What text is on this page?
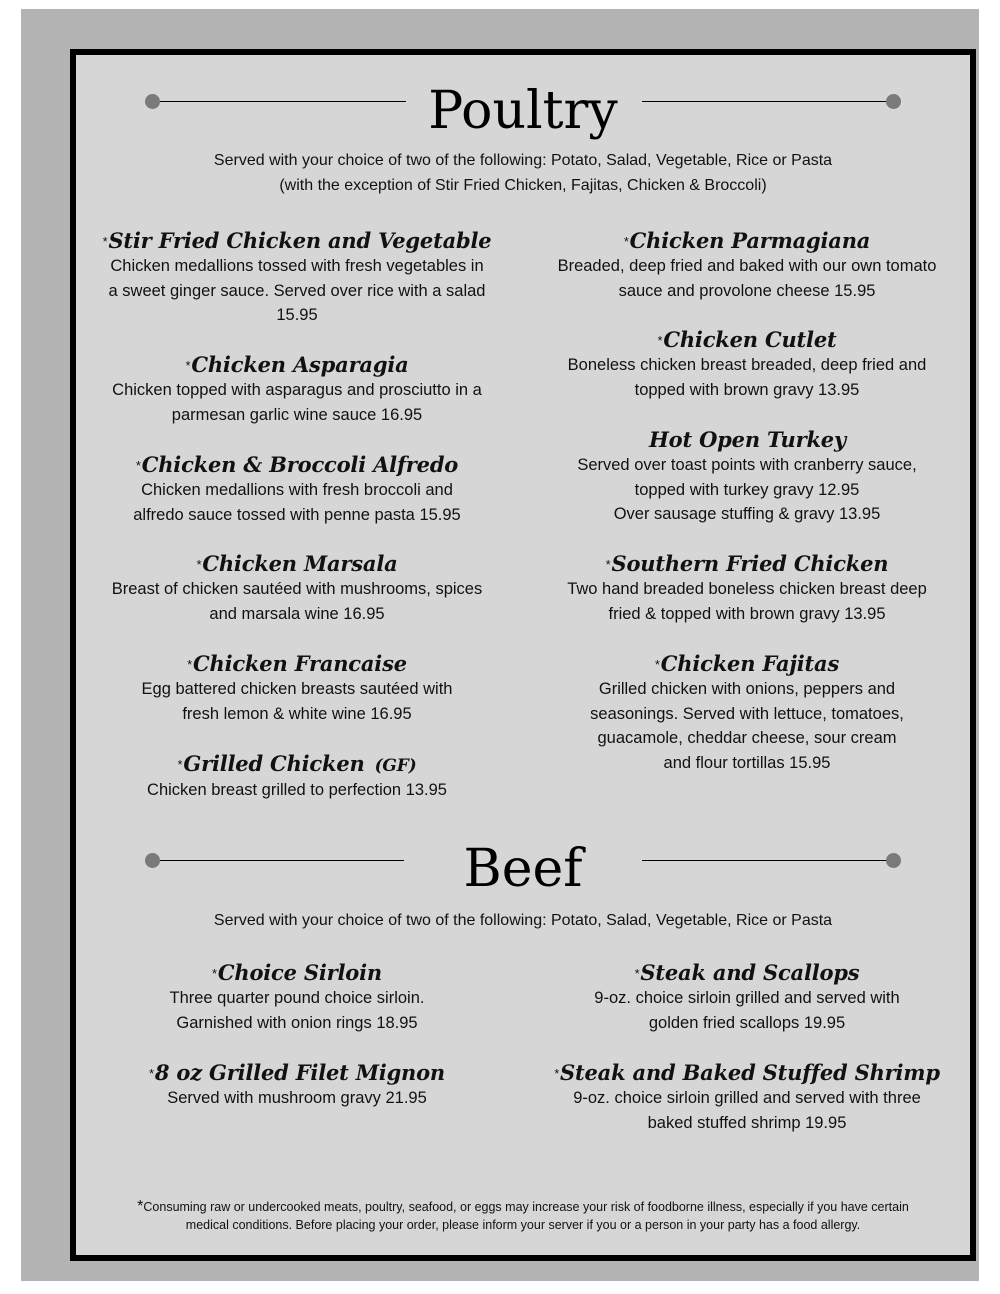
Poultry
Served with your choice of two of the following: Potato, Salad, Vegetable, Rice or Pasta
(with the exception of Stir Fried Chicken, Fajitas, Chicken & Broccoli)
*Stir Fried Chicken and Vegetable
Chicken medallions tossed with fresh vegetables in
a sweet ginger sauce. Served over rice with a salad
15.95
*Chicken Asparagia
Chicken topped with asparagus and prosciutto in a
parmesan garlic wine sauce 16.95
*Chicken & Broccoli Alfredo
Chicken medallions with fresh broccoli and
alfredo sauce tossed with penne pasta 15.95
*Chicken Marsala
Breast of chicken sautéed with mushrooms, spices
and marsala wine 16.95
*Chicken Francaise
Egg battered chicken breasts sautéed with
fresh lemon & white wine 16.95
*Grilled Chicken (GF)
Chicken breast grilled to perfection 13.95
*Chicken Parmagiana
Breaded, deep fried and baked with our own tomato
sauce and provolone cheese 15.95
*Chicken Cutlet
Boneless chicken breast breaded, deep fried and
topped with brown gravy 13.95
Hot Open Turkey
Served over toast points with cranberry sauce,
topped with turkey gravy 12.95
Over sausage stuffing & gravy 13.95
*Southern Fried Chicken
Two hand breaded boneless chicken breast deep
fried & topped with brown gravy 13.95
*Chicken Fajitas
Grilled chicken with onions, peppers and
seasonings. Served with lettuce, tomatoes,
guacamole, cheddar cheese, sour cream
and flour tortillas 15.95
Beef
Served with your choice of two of the following: Potato, Salad, Vegetable, Rice or Pasta
*Choice Sirloin
Three quarter pound choice sirloin.
Garnished with onion rings 18.95
*8 oz Grilled Filet Mignon
Served with mushroom gravy 21.95
*Steak and Scallops
9-oz. choice sirloin grilled and served with
golden fried scallops 19.95
*Steak and Baked Stuffed Shrimp
9-oz. choice sirloin grilled and served with three
baked stuffed shrimp 19.95
*Consuming raw or undercooked meats, poultry, seafood, or eggs may increase your risk of foodborne illness, especially if you have certain
medical conditions. Before placing your order, please inform your server if you or a person in your party has a food allergy.
